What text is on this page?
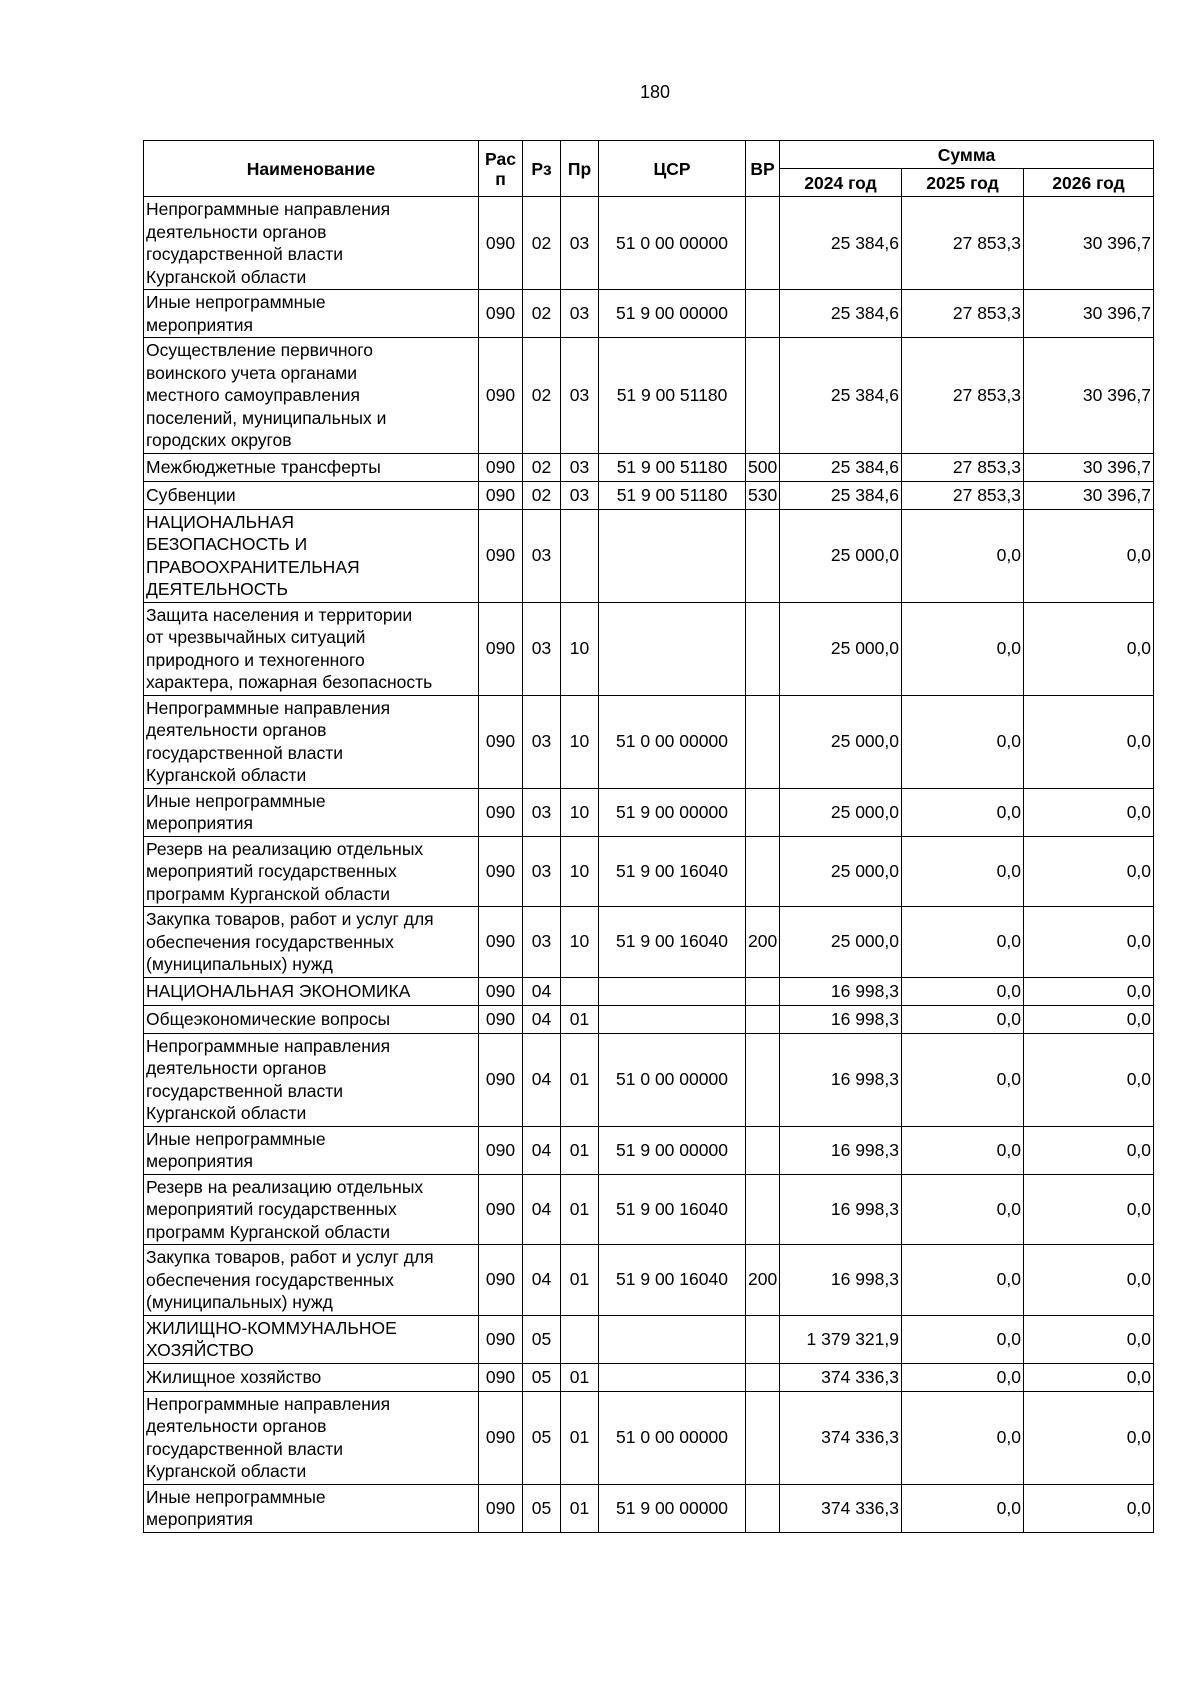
180
Наименование	Рас п	Рз	Пр	ЦСР	ВР	Сумма		
						2024 год	2025 год	2026 год
Непрограммные направления
деятельности органов
государственной власти
Курганской области	090	02	03	51 0 00 00000		25 384,6	27 853,3	30 396,7
Иные непрограммные
мероприятия	090	02	03	51 9 00 00000		25 384,6	27 853,3	30 396,7
Осуществление первичного
воинского учета органами
местного самоуправления
поселений, муниципальных и
городских округов	090	02	03	51 9 00 51180		25 384,6	27 853,3	30 396,7
Межбюджетные трансферты	090	02	03	51 9 00 51180	500	25 384,6	27 853,3	30 396,7
Субвенции	090	02	03	51 9 00 51180	530	25 384,6	27 853,3	30 396,7
НАЦИОНАЛЬНАЯ
БЕЗОПАСНОСТЬ И
ПРАВООХРАНИТЕЛЬНАЯ
ДЕЯТЕЛЬНОСТЬ	090	03				25 000,0	0,0	0,0
Защита населения и территории
от чрезвычайных ситуаций
природного и техногенного
характера, пожарная безопасность	090	03	10			25 000,0	0,0	0,0
Непрограммные направления
деятельности органов
государственной власти
Курганской области	090	03	10	51 0 00 00000		25 000,0	0,0	0,0
Иные непрограммные
мероприятия	090	03	10	51 9 00 00000		25 000,0	0,0	0,0
Резерв на реализацию отдельных
мероприятий государственных
программ Курганской области	090	03	10	51 9 00 16040		25 000,0	0,0	0,0
Закупка товаров, работ и услуг для
обеспечения государственных
(муниципальных) нужд	090	03	10	51 9 00 16040	200	25 000,0	0,0	0,0
НАЦИОНАЛЬНАЯ ЭКОНОМИКА	090	04				16 998,3	0,0	0,0
Общеэкономические вопросы	090	04	01			16 998,3	0,0	0,0
Непрограммные направления
деятельности органов
государственной власти
Курганской области	090	04	01	51 0 00 00000		16 998,3	0,0	0,0
Иные непрограммные
мероприятия	090	04	01	51 9 00 00000		16 998,3	0,0	0,0
Резерв на реализацию отдельных
мероприятий государственных
программ Курганской области	090	04	01	51 9 00 16040		16 998,3	0,0	0,0
Закупка товаров, работ и услуг для
обеспечения государственных
(муниципальных) нужд	090	04	01	51 9 00 16040	200	16 998,3	0,0	0,0
ЖИЛИЩНО-КОММУНАЛЬНОЕ
ХОЗЯЙСТВО	090	05				1 379 321,9	0,0	0,0
Жилищное хозяйство	090	05	01			374 336,3	0,0	0,0
Непрограммные направления
деятельности органов
государственной власти
Курганской области	090	05	01	51 0 00 00000		374 336,3	0,0	0,0
Иные непрограммные
мероприятия	090	05	01	51 9 00 00000		374 336,3	0,0	0,0
